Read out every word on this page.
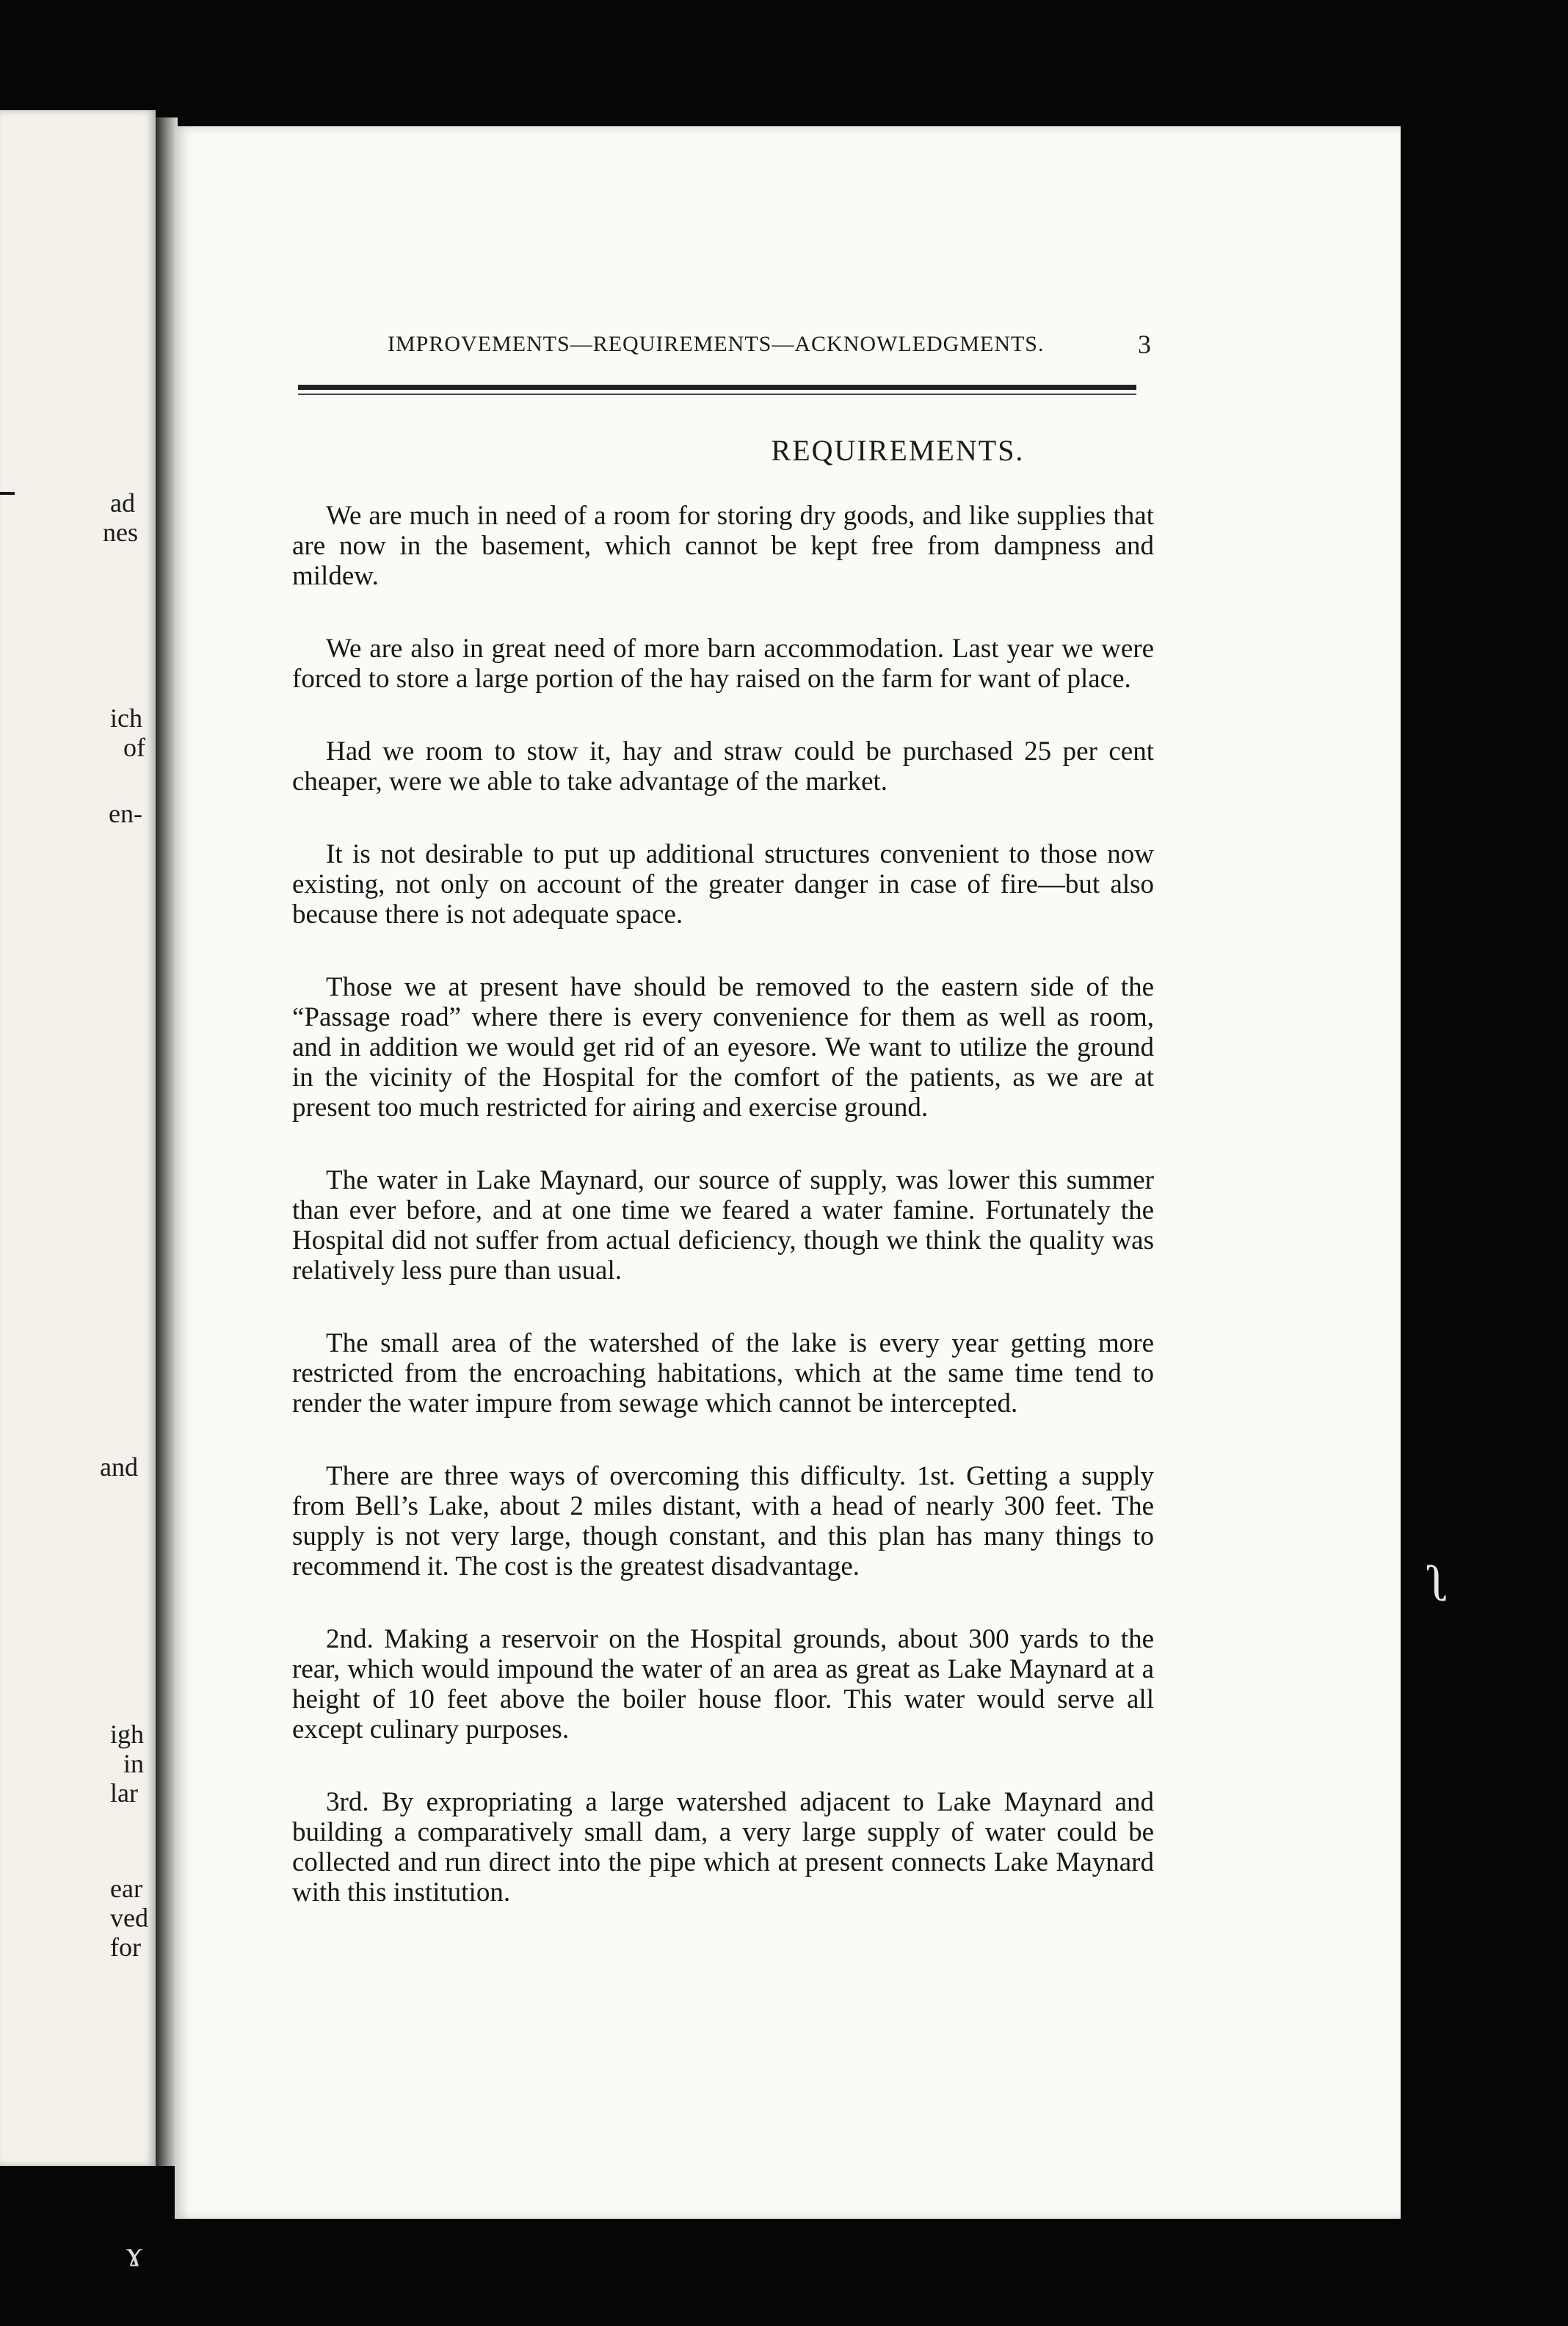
ad
nes
ich
of
en-
and
igh
in
lar
ear
ved
for
IMPROVEMENTS—REQUIREMENTS—ACKNOWLEDGMENTS.	3
REQUIREMENTS.

We are much in need of a room for storing dry goods, and like supplies that are now in the basement, which cannot be kept free from dampness and mildew.

We are also in great need of more barn accommodation. Last year we were forced to store a large portion of the hay raised on the farm for want of place.

Had we room to stow it, hay and straw could be purchased 25 per cent cheaper, were we able to take advantage of the market.

It is not desirable to put up additional structures convenient to those now existing, not only on account of the greater danger in case of fire—but also because there is not adequate space.

Those we at present have should be removed to the eastern side of the “Passage road” where there is every convenience for them as well as room, and in addition we would get rid of an eyesore. We want to utilize the ground in the vicinity of the Hospital for the comfort of the patients, as we are at present too much restricted for airing and exercise ground.

The water in Lake Maynard, our source of supply, was lower this summer than ever before, and at one time we feared a water famine. Fortunately the Hospital did not suffer from actual deficiency, though we think the quality was relatively less pure than usual.

The small area of the watershed of the lake is every year getting more restricted from the encroaching habitations, which at the same time tend to render the water impure from sewage which cannot be intercepted.

There are three ways of overcoming this difficulty. 1st. Getting a supply from Bell’s Lake, about 2 miles distant, with a head of nearly 300 feet. The supply is not very large, though constant, and this plan has many things to recommend it. The cost is the greatest disadvantage.

2nd. Making a reservoir on the Hospital grounds, about 300 yards to the rear, which would impound the water of an area as great as Lake Maynard at a height of 10 feet above the boiler house floor. This water would serve all except culinary purposes.

3rd. By expropriating a large watershed adjacent to Lake Maynard and building a comparatively small dam, a very large supply of water could be collected and run direct into the pipe which at present connects Lake Maynard with this institution.

ʅ
ɤ
